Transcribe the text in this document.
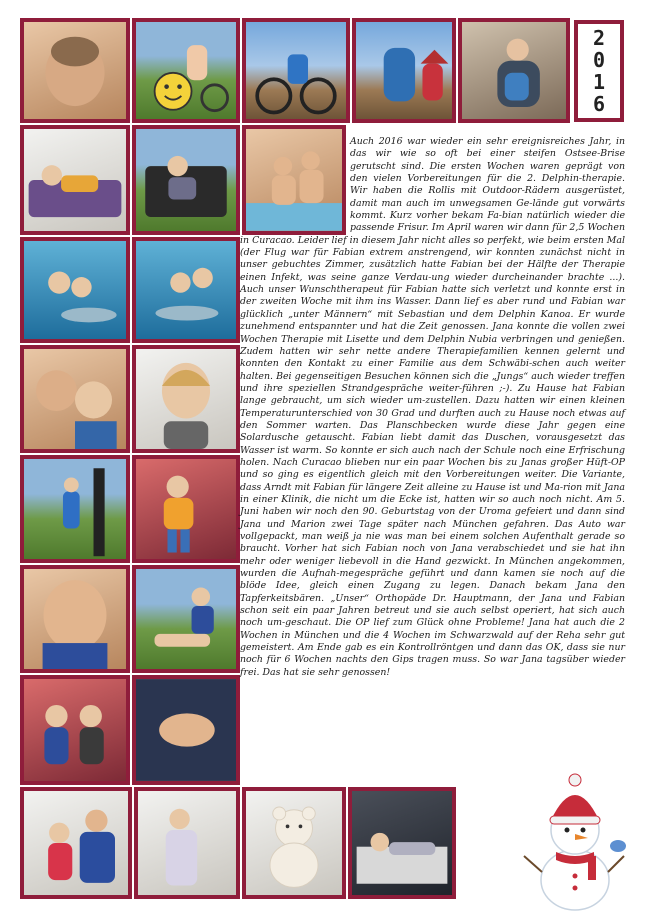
2
0
1
6

Auch 2016 war wieder ein sehr ereignisreiches Jahr, in das wir wie so oft bei einer steifen Ostsee-Brise gerutscht sind. Die ersten Wochen waren geprägt von den vielen Vorbereitungen für die 2. Delphin-therapie. Wir haben die Rollis mit Outdoor-Rädern ausgerüstet, damit man auch im unwegsamen Ge-lände gut vorwärts kommt. Kurz vorher bekam Fa-bian natürlich wieder die passende Frisur. Im April waren wir dann für 2,5 Wochen in Curacao. Leider lief in diesem Jahr nicht alles so perfekt, wie beim ersten Mal (der Flug war für Fabian extrem anstrengend, wir konnten zunächst nicht in unser gebuchtes Zimmer, zusätzlich hatte Fabian bei der Hälfte der Therapie einen Infekt, was seine ganze Verdau-ung wieder durcheinander brachte ...). Auch unser Wunschtherapeut für Fabian hatte sich verletzt und konnte erst in der zweiten Woche mit ihm ins Wasser. Dann lief es aber rund und Fabian war glücklich „unter Männern“ mit Sebastian und dem Delphin Kanoa. Er wurde zunehmend entspannter und hat die Zeit genossen. Jana konnte die vollen zwei Wochen Therapie mit Lisette und dem Delphin Nubia verbringen und genießen. Zudem hatten wir sehr nette andere Therapiefamilien kennen gelernt und konnten den Kontakt zu einer Familie aus dem Schwäbi-schen auch weiter halten. Bei gegenseitigen Besuchen können sich die „Jungs“ auch wieder treffen und ihre speziellen Strandgespräche weiter-führen ;-). Zu Hause hat Fabian lange gebraucht, um sich wieder um-zustellen. Dazu hatten wir einen kleinen Temperaturunterschied von 30 Grad und durften auch zu Hause noch etwas auf den Sommer warten. Das Planschbecken wurde diese Jahr gegen eine Solardusche getauscht. Fabian liebt damit das Duschen, vorausgesetzt das Wasser ist warm. So konnte er sich auch nach der Schule noch eine Erfrischung holen. Nach Curacao blieben nur ein paar Wochen bis zu Janas großer Hüft-OP und so ging es eigentlich gleich mit den Vorbereitungen weiter. Die Variante, dass Arndt mit Fabian für längere Zeit alleine zu Hause ist und Ma-rion mit Jana in einer Klinik, die nicht um die Ecke ist, hatten wir so auch noch nicht. Am 5. Juni haben wir noch den 90. Geburtstag von der Uroma gefeiert und dann sind Jana und Marion zwei Tage später nach München gefahren. Das Auto war vollgepackt, man weiß ja nie was man bei einem solchen Aufenthalt gerade so braucht. Vorher hat sich Fabian noch von Jana verabschiedet und sie hat ihn mehr oder weniger liebevoll in die Hand gezwickt. In München angekommen, wurden die Aufnah-megespräche geführt und dann kamen sie noch auf die blöde Idee, gleich einen Zugang zu legen. Danach bekam Jana den Tapferkeitsbären. „Unser“ Orthopäde Dr. Hauptmann, der Jana und Fabian schon seit ein paar Jahren betreut und sie auch selbst operiert, hat sich auch noch um-geschaut. Die OP lief zum Glück ohne Probleme! Jana hat auch die 2 Wochen in München und die 4 Wochen im Schwarzwald auf der Reha sehr gut gemeistert. Am Ende gab es ein Kontrollröntgen und dann das OK, dass sie nur noch für 6 Wochen nachts den Gips tragen muss. So war Jana tagsüber wieder frei. Das hat sie sehr genossen!
